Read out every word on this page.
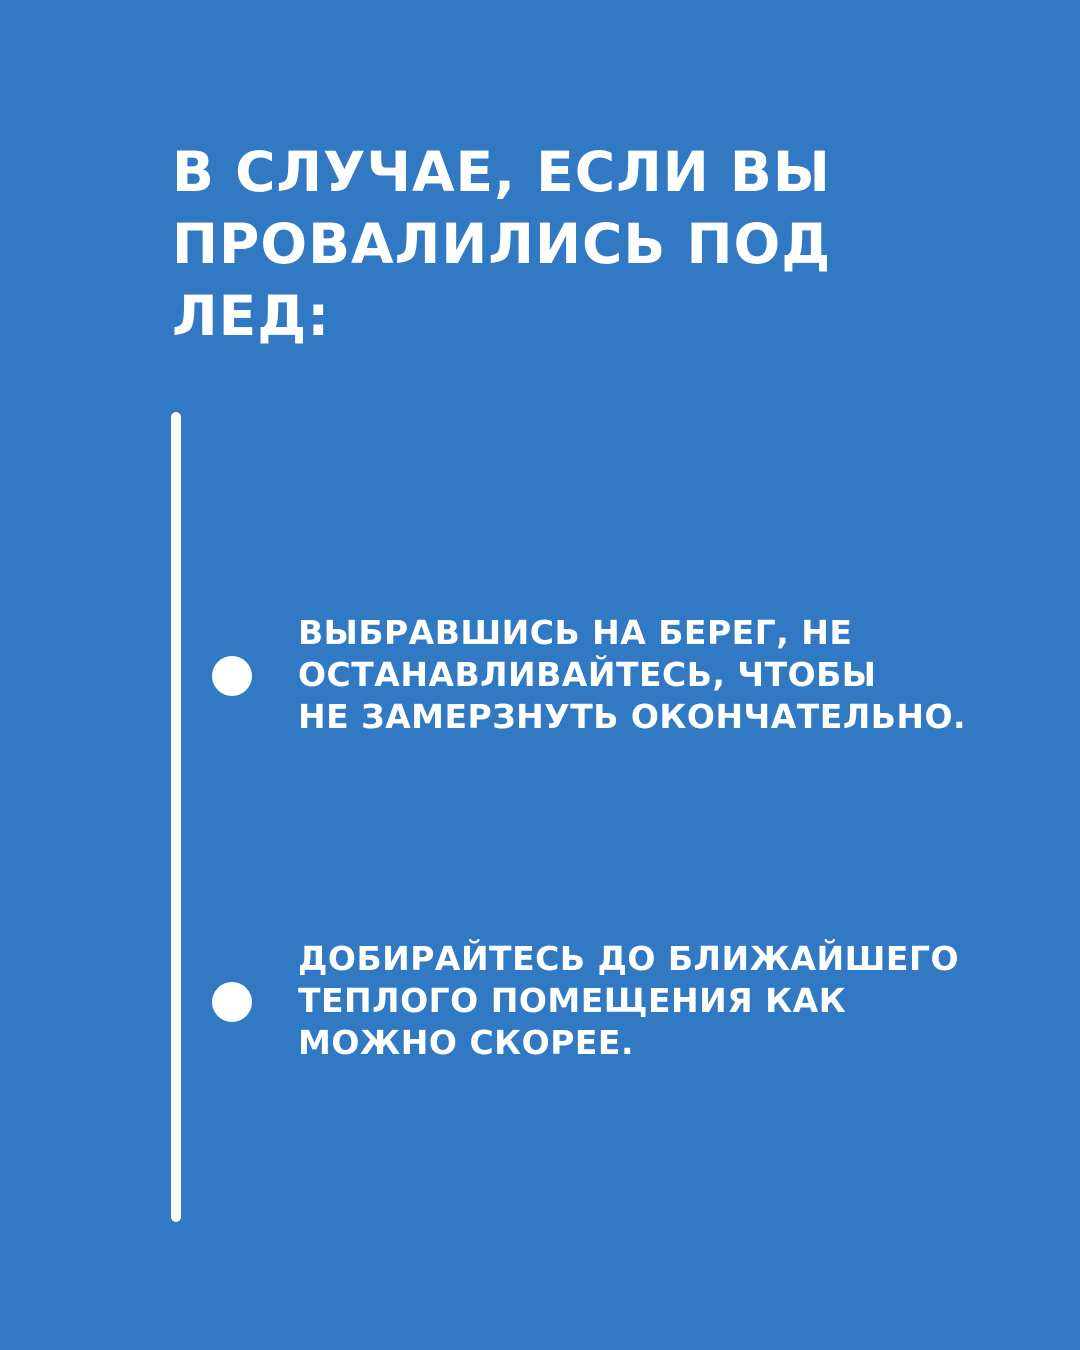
В СЛУЧАЕ, ЕСЛИ ВЫ
ПРОВАЛИЛИСЬ ПОД
ЛЕД:

ВЫБРАВШИСЬ НА БЕРЕГ, НЕ
ОСТАНАВЛИВАЙТЕСЬ, ЧТОБЫ
НЕ ЗАМЕРЗНУТЬ ОКОНЧАТЕЛЬНО.

ДОБИРАЙТЕСЬ ДО БЛИЖАЙШЕГО
ТЕПЛОГО ПОМЕЩЕНИЯ КАК
МОЖНО СКОРЕЕ.
